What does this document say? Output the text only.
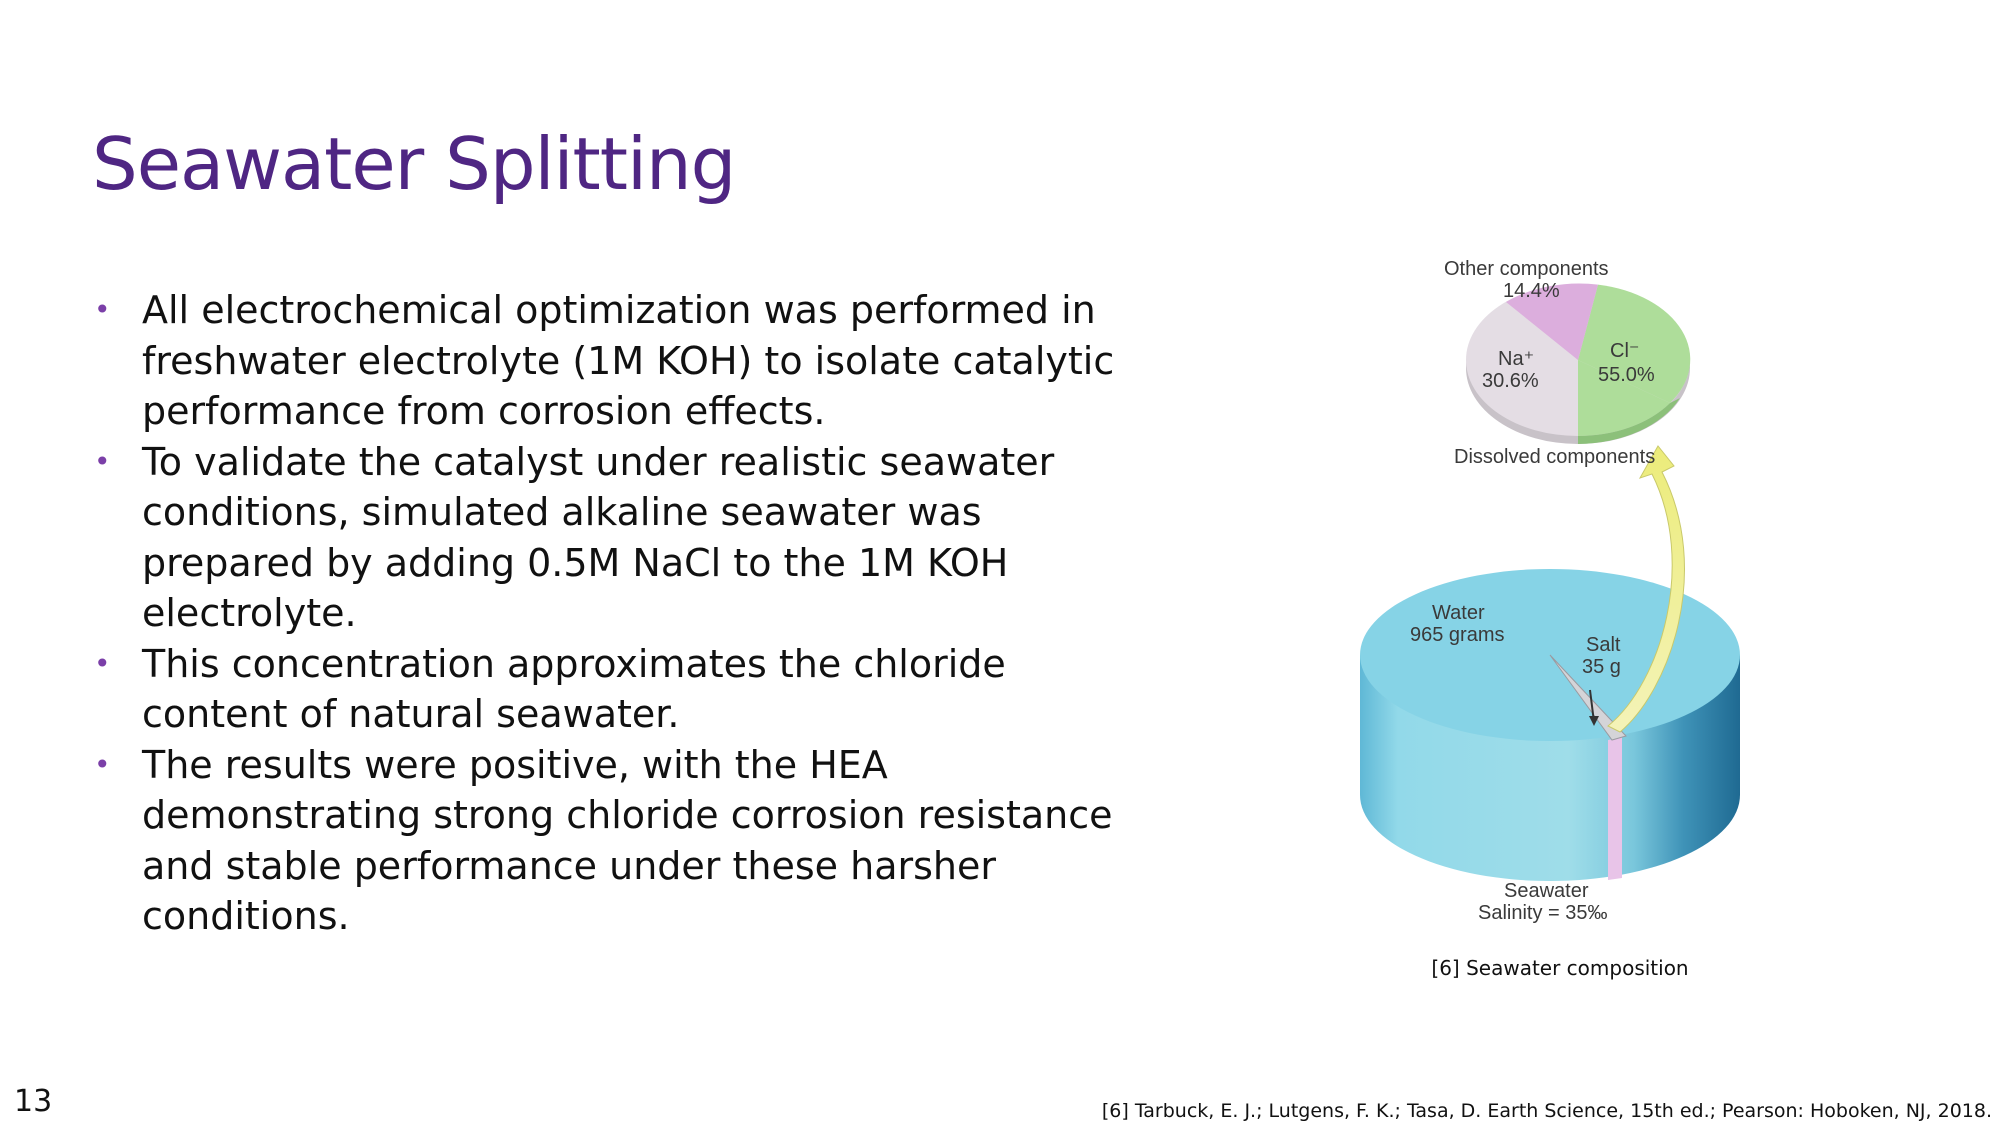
Seawater Splitting
• All electrochemical optimization was performed in freshwater electrolyte (1M KOH) to isolate catalytic performance from corrosion effects.
• To validate the catalyst under realistic seawater conditions, simulated alkaline seawater was prepared by adding 0.5M NaCl to the 1M KOH electrolyte.
• This concentration approximates the chloride content of natural seawater.
• The results were positive, with the HEA demonstrating strong chloride corrosion resistance and stable performance under these harsher conditions.
Other components
14.4%
Na⁺
30.6%
Cl⁻
55.0%
Dissolved components
Water
965 grams	Salt
35 g
Seawater
Salinity = 35‰
[6] Seawater composition
13	[6] Tarbuck, E. J.; Lutgens, F. K.; Tasa, D. Earth Science, 15th ed.; Pearson: Hoboken, NJ, 2018.
